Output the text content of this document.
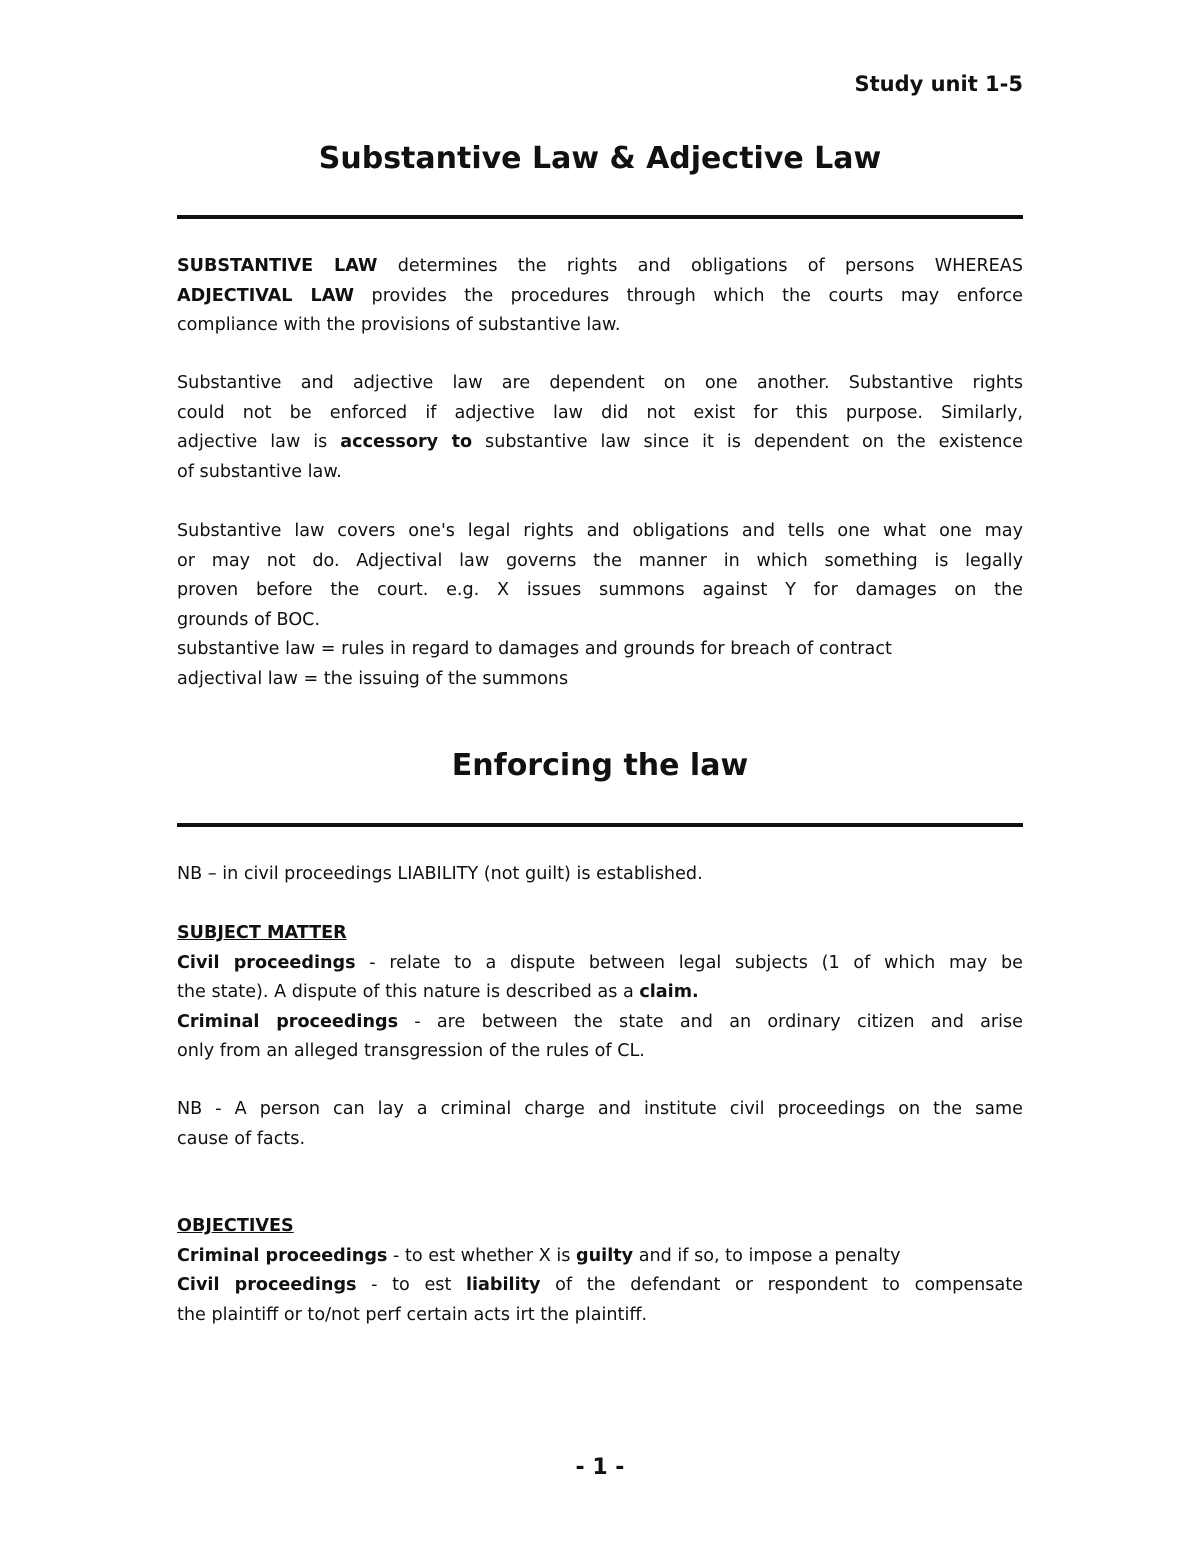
Study unit 1-5
Substantive Law & Adjective Law
SUBSTANTIVE LAW determines the rights and obligations of persons WHEREAS
ADJECTIVAL LAW provides the procedures through which the courts may enforce
compliance with the provisions of substantive law.
Substantive and adjective law are dependent on one another. Substantive rights
could not be enforced if adjective law did not exist for this purpose. Similarly,
adjective law is accessory to substantive law since it is dependent on the existence
of substantive law.
Substantive law covers one's legal rights and obligations and tells one what one may
or may not do. Adjectival law governs the manner in which something is legally
proven before the court. e.g. X issues summons against Y for damages on the
grounds of BOC.
substantive law = rules in regard to damages and grounds for breach of contract
adjectival law = the issuing of the summons
Enforcing the law
NB – in civil proceedings LIABILITY (not guilt) is established.
SUBJECT MATTER
Civil proceedings - relate to a dispute between legal subjects (1 of which may be
the state). A dispute of this nature is described as a claim.
Criminal proceedings - are between the state and an ordinary citizen and arise
only from an alleged transgression of the rules of CL.
NB - A person can lay a criminal charge and institute civil proceedings on the same
cause of facts.
OBJECTIVES
Criminal proceedings - to est whether X is guilty and if so, to impose a penalty
Civil proceedings - to est liability of the defendant or respondent to compensate
the plaintiff or to/not perf certain acts irt the plaintiff.
- 1 -
